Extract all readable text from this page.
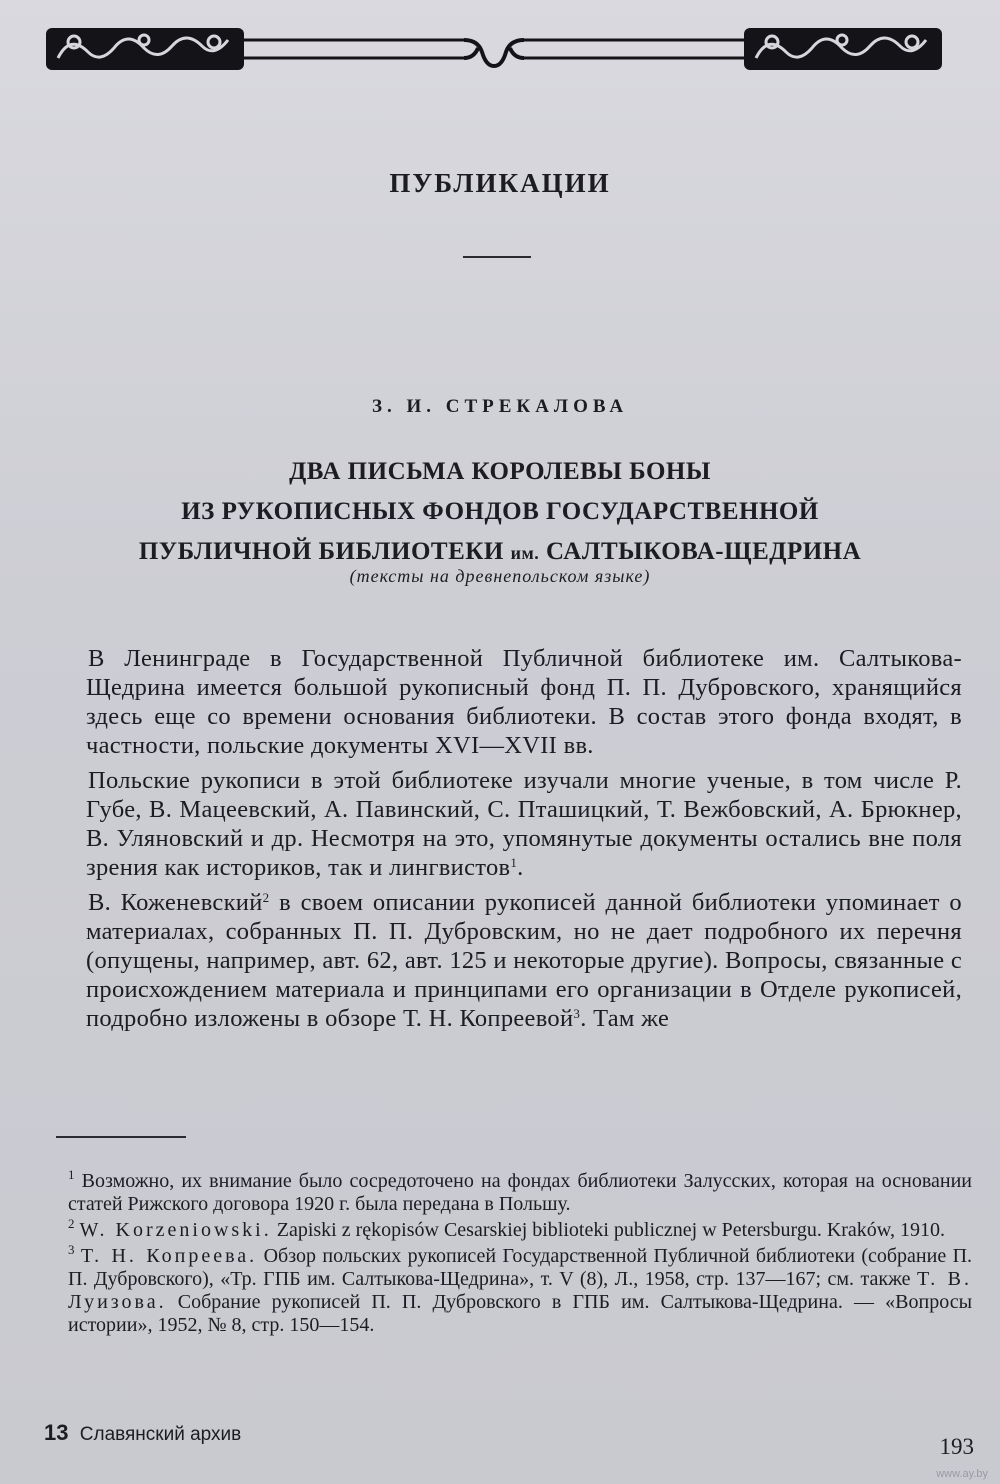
ПУБЛИКАЦИИ
З. И. СТРЕКАЛОВА
ДВА ПИСЬМА КОРОЛЕВЫ БОНЫ
ИЗ РУКОПИСНЫХ ФОНДОВ ГОСУДАРСТВЕННОЙ
ПУБЛИЧНОЙ БИБЛИОТЕКИ им. САЛТЫКОВА-ЩЕДРИНА
(тексты на древнепольском языке)

В Ленинграде в Государственной Публичной библиотеке им. Салтыкова-Щедрина имеется большой рукописный фонд П. П. Дубровского, хранящийся здесь еще со времени основания библиотеки. В состав этого фонда входят, в частности, польские документы XVI—XVII вв.

Польские рукописи в этой библиотеке изучали многие ученые, в том числе Р. Губе, В. Мацеевский, А. Павинский, С. Пташицкий, Т. Вежбовский, А. Брюкнер, В. Уляновский и др. Несмотря на это, упомянутые документы остались вне поля зрения как историков, так и лингвистов$^1$.

В. Коженевский$^2$ в своем описании рукописей данной библиотеки упоминает о материалах, собранных П. П. Дубровским, но не дает подробного их перечня (опущены, например, авт. 62, авт. 125 и некоторые другие). Вопросы, связанные с происхождением материала и принципами его организации в Отделе рукописей, подробно изложены в обзоре Т. Н. Копреевой$^3$. Там же

$^1$ Возможно, их внимание было сосредоточено на фондах библиотеки Залусских, которая на основании статей Рижского договора 1920 г. была передана в Польшу.

$^2$ W. Korzeniowski. Zapiski z rękopisów Cesarskiej biblioteki publicznej w Petersburgu. Kraków, 1910.

$^3$ Т. Н. Копреева. Обзор польских рукописей Государственной Публичной библиотеки (собрание П. П. Дубровского), «Тр. ГПБ им. Салтыкова-Щедрина», т. V (8), Л., 1958, стр. 137—167; см. также Т. В. Луизова. Собрание рукописей П. П. Дубровского в ГПБ им. Салтыкова-Щедрина. — «Вопросы истории», 1952, № 8, стр. 150—154.

13 Славянский архив	193
www.ay.by
